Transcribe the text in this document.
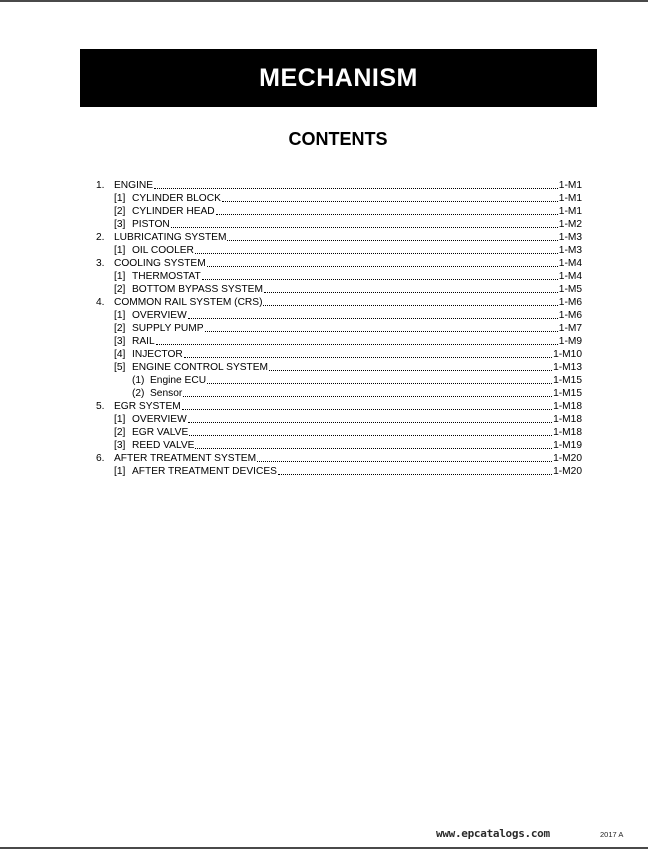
MECHANISM
CONTENTS
1. ENGINE	1-M1
[1] CYLINDER BLOCK	1-M1
[2] CYLINDER HEAD	1-M1
[3] PISTON	1-M2
2. LUBRICATING SYSTEM	1-M3
[1] OIL COOLER	1-M3
3. COOLING SYSTEM	1-M4
[1] THERMOSTAT	1-M4
[2] BOTTOM BYPASS SYSTEM	1-M5
4. COMMON RAIL SYSTEM (CRS)	1-M6
[1] OVERVIEW	1-M6
[2] SUPPLY PUMP	1-M7
[3] RAIL	1-M9
[4] INJECTOR	1-M10
[5] ENGINE CONTROL SYSTEM	1-M13
(1) Engine ECU	1-M15
(2) Sensor	1-M15
5. EGR SYSTEM	1-M18
[1] OVERVIEW	1-M18
[2] EGR VALVE	1-M18
[3] REED VALVE	1-M19
6. AFTER TREATMENT SYSTEM	1-M20
[1] AFTER TREATMENT DEVICES	1-M20
www.epcatalogs.com	2017 A
